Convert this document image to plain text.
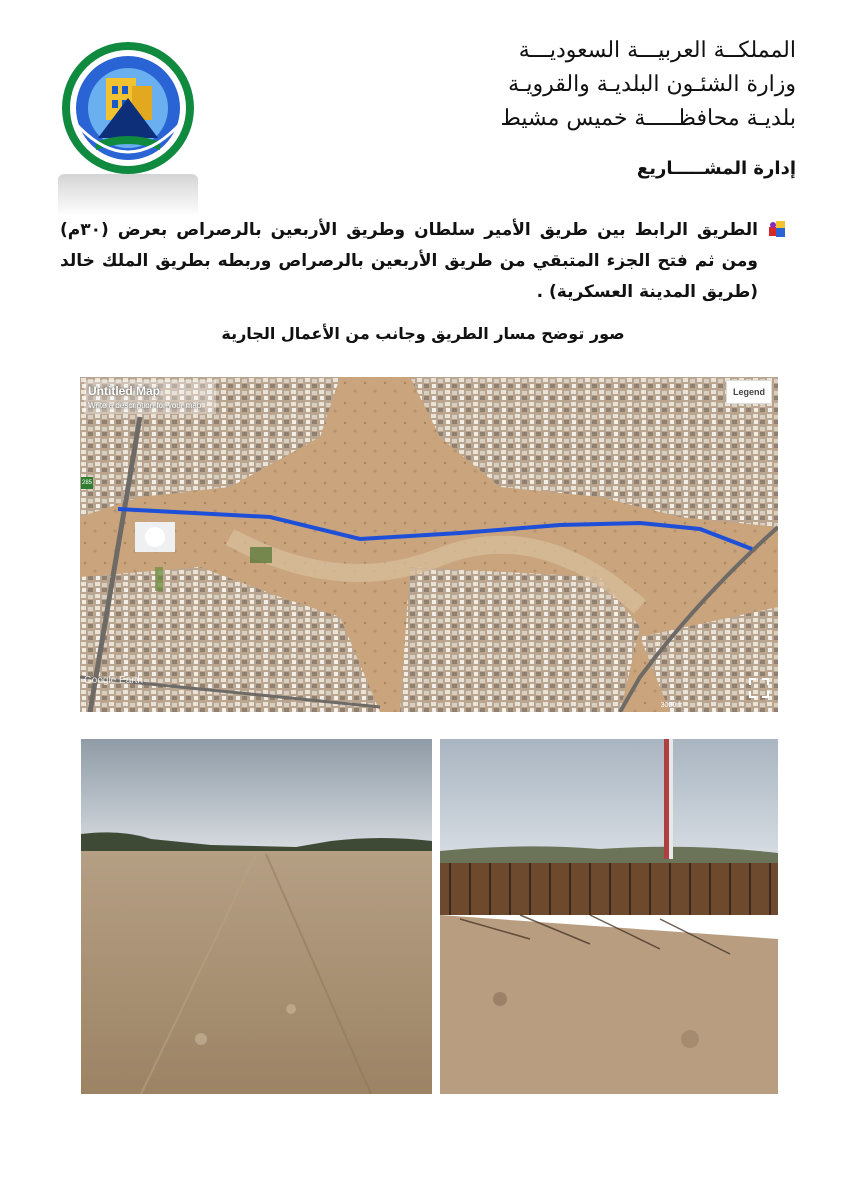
المملكــة العربيـــة السعوديـــة
وزارة الشئـون البلديـة والقرويـة
بلديـة محافظـــــة خميس مشيط
إدارة المشـــــاريع
الطريق الرابط بين طريق الأمير سلطان وطريق الأربعين بالرصراص بعرض (٣٠م) ومن ثم فتح الجزء المتبقي من طريق الأربعين بالرصراص وربطه بطريق الملك خالد (طريق المدينة العسكرية) .
صور توضح مسار الطريق وجانب من الأعمال الجارية
Untitled Map
Write a description for your map
Legend
285
Google Earth
3000 ft
